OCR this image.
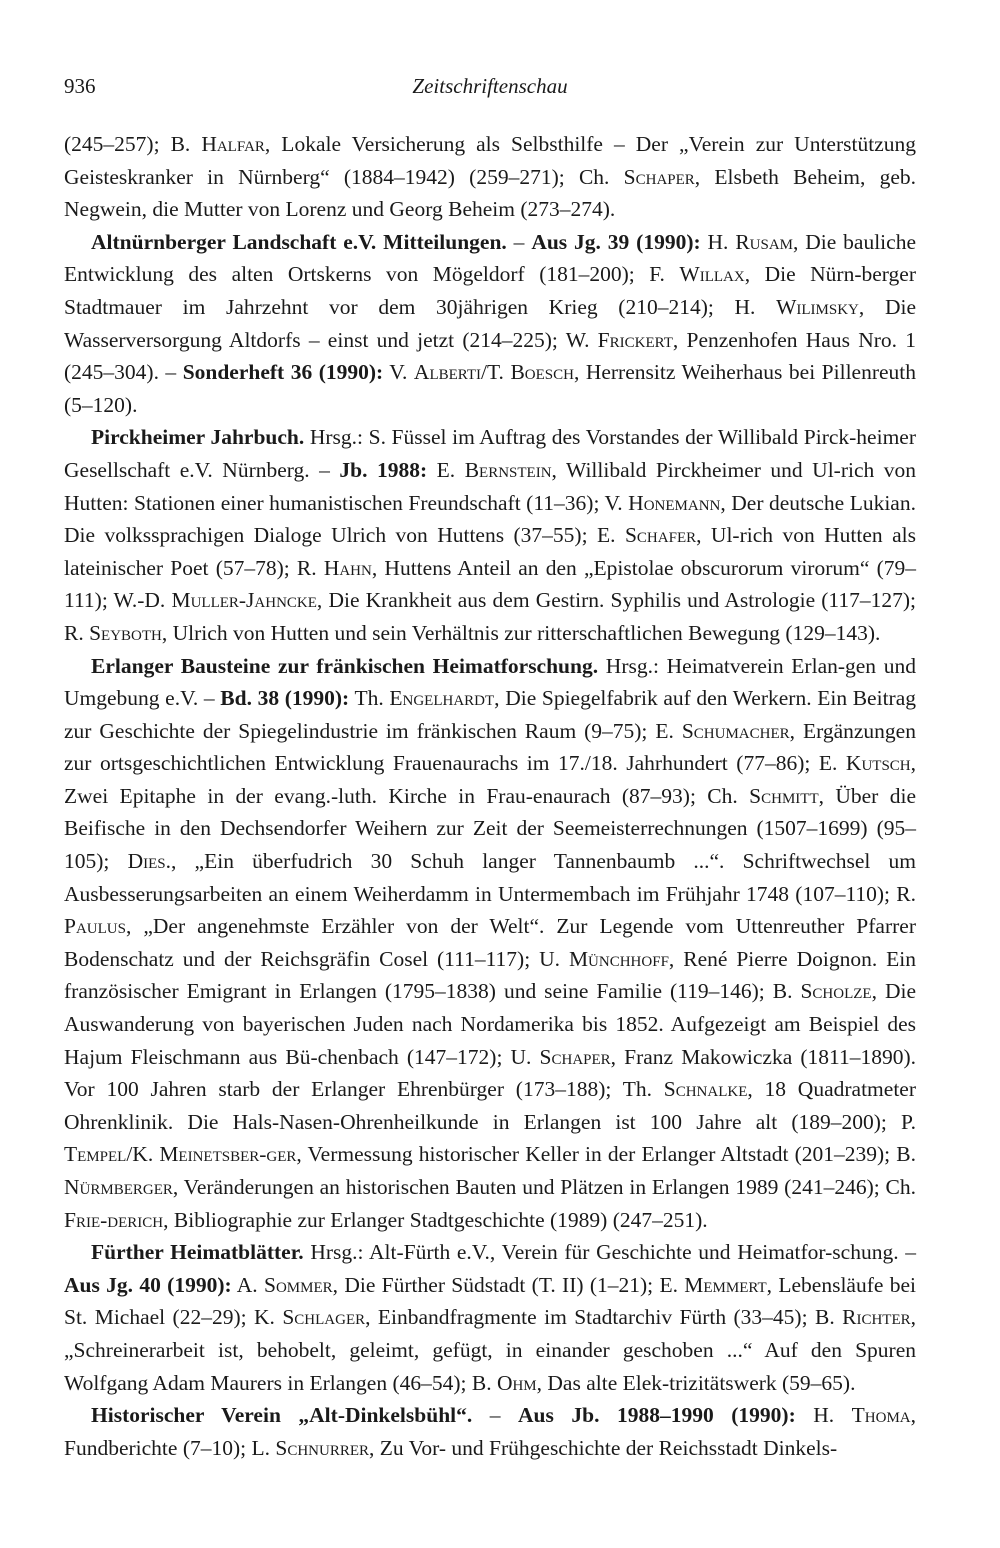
936	Zeitschriftenschau

(245–257); B. Halfar, Lokale Versicherung als Selbsthilfe – Der „Verein zur Unterstützung Geisteskranker in Nürnberg“ (1884–1942) (259–271); Ch. Schaper, Elsbeth Beheim, geb. Negwein, die Mutter von Lorenz und Georg Beheim (273–274).

Altnürnberger Landschaft e.V. Mitteilungen. – Aus Jg. 39 (1990): H. Rusam, Die bauliche Entwicklung des alten Ortskerns von Mögeldorf (181–200); F. Willax, Die Nürn-berger Stadtmauer im Jahrzehnt vor dem 30jährigen Krieg (210–214); H. Wilimsky, Die Wasserversorgung Altdorfs – einst und jetzt (214–225); W. Frickert, Penzenhofen Haus Nro. 1 (245–304). – Sonderheft 36 (1990): V. Alberti/T. Boesch, Herrensitz Weiherhaus bei Pillenreuth (5–120).

Pirckheimer Jahrbuch. Hrsg.: S. Füssel im Auftrag des Vorstandes der Willibald Pirck-heimer Gesellschaft e.V. Nürnberg. – Jb. 1988: E. Bernstein, Willibald Pirckheimer und Ul-rich von Hutten: Stationen einer humanistischen Freundschaft (11–36); V. Honemann, Der deutsche Lukian. Die volkssprachigen Dialoge Ulrich von Huttens (37–55); E. Schafer, Ul-rich von Hutten als lateinischer Poet (57–78); R. Hahn, Huttens Anteil an den „Epistolae obscurorum virorum“ (79–111); W.-D. Muller-Jahncke, Die Krankheit aus dem Gestirn. Syphilis und Astrologie (117–127); R. Seyboth, Ulrich von Hutten und sein Verhältnis zur ritterschaftlichen Bewegung (129–143).

Erlanger Bausteine zur fränkischen Heimatforschung. Hrsg.: Heimatverein Erlan-gen und Umgebung e.V. – Bd. 38 (1990): Th. Engelhardt, Die Spiegelfabrik auf den Werkern. Ein Beitrag zur Geschichte der Spiegelindustrie im fränkischen Raum (9–75); E. Schumacher, Ergänzungen zur ortsgeschichtlichen Entwicklung Frauenaurachs im 17./18. Jahrhundert (77–86); E. Kutsch, Zwei Epitaphe in der evang.-luth. Kirche in Frau-enaurach (87–93); Ch. Schmitt, Über die Beifische in den Dechsendorfer Weihern zur Zeit der Seemeisterrechnungen (1507–1699) (95–105); Dies., „Ein überfudrich 30 Schuh langer Tannenbaumb ...“. Schriftwechsel um Ausbesserungsarbeiten an einem Weiherdamm in Untermembach im Frühjahr 1748 (107–110); R. Paulus, „Der angenehmste Erzähler von der Welt“. Zur Legende vom Uttenreuther Pfarrer Bodenschatz und der Reichsgräfin Cosel (111–117); U. Münchhoff, René Pierre Doignon. Ein französischer Emigrant in Erlangen (1795–1838) und seine Familie (119–146); B. Scholze, Die Auswanderung von bayerischen Juden nach Nordamerika bis 1852. Aufgezeigt am Beispiel des Hajum Fleischmann aus Bü-chenbach (147–172); U. Schaper, Franz Makowiczka (1811–1890). Vor 100 Jahren starb der Erlanger Ehrenbürger (173–188); Th. Schnalke, 18 Quadratmeter Ohrenklinik. Die Hals-Nasen-Ohrenheilkunde in Erlangen ist 100 Jahre alt (189–200); P. Tempel/K. Meinetsber-ger, Vermessung historischer Keller in der Erlanger Altstadt (201–239); B. Nürmberger, Veränderungen an historischen Bauten und Plätzen in Erlangen 1989 (241–246); Ch. Frie-derich, Bibliographie zur Erlanger Stadtgeschichte (1989) (247–251).

Fürther Heimatblätter. Hrsg.: Alt-Fürth e.V., Verein für Geschichte und Heimatfor-schung. – Aus Jg. 40 (1990): A. Sommer, Die Fürther Südstadt (T. II) (1–21); E. Memmert, Lebensläufe bei St. Michael (22–29); K. Schlager, Einbandfragmente im Stadtarchiv Fürth (33–45); B. Richter, „Schreinerarbeit ist, behobelt, geleimt, gefügt, in einander geschoben ...“ Auf den Spuren Wolfgang Adam Maurers in Erlangen (46–54); B. Ohm, Das alte Elek-trizitätswerk (59–65).

Historischer Verein „Alt-Dinkelsbühl“. – Aus Jb. 1988–1990 (1990): H. Thoma, Fundberichte (7–10); L. Schnurrer, Zu Vor- und Frühgeschichte der Reichsstadt Dinkels-
